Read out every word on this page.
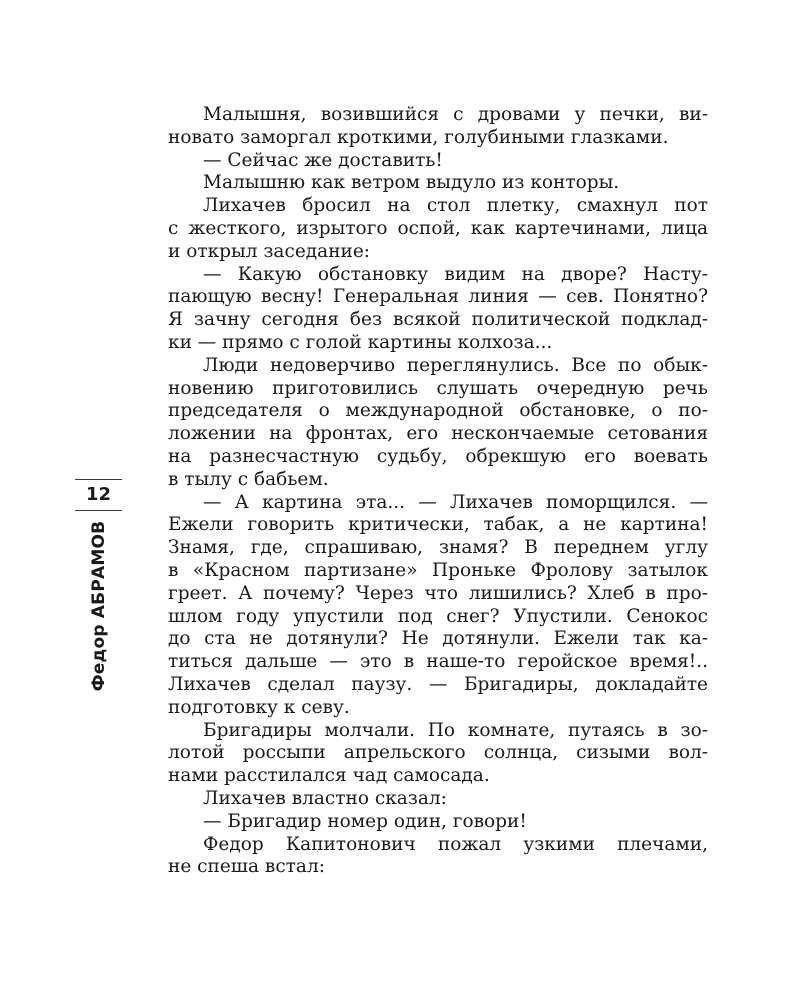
12
Федор АБРАМОВ
Малышня, возившийся с дровами у печки, ви-
новато заморгал кроткими, голубиными глазками.
— Сейчас же доставить!
Малышню как ветром выдуло из конторы.
Лихачев бросил на стол плетку, смахнул пот
с жесткого, изрытого оспой, как картечинами, лица
и открыл заседание:
— Какую обстановку видим на дворе? Насту-
пающую весну! Генеральная линия — сев. Понятно?
Я зачну сегодня без всякой политической подклад-
ки — прямо с голой картины колхоза...
Люди недоверчиво переглянулись. Все по обык-
новению приготовились слушать очередную речь
председателя о международной обстановке, о по-
ложении на фронтах, его нескончаемые сетования
на разнесчастную судьбу, обрекшую его воевать
в тылу с бабьем.
— А картина эта... — Лихачев поморщился. —
Ежели говорить критически, табак, а не картина!
Знамя, где, спрашиваю, знамя? В переднем углу
в «Красном партизане» Проньке Фролову затылок
греет. А почему? Через что лишились? Хлеб в про-
шлом году упустили под снег? Упустили. Сенокос
до ста не дотянули? Не дотянули. Ежели так ка-
титься дальше — это в наше-то геройское время!..
Лихачев сделал паузу. — Бригадиры, докладайте
подготовку к севу.
Бригадиры молчали. По комнате, путаясь в зо-
лотой россыпи апрельского солнца, сизыми вол-
нами расстилался чад самосада.
Лихачев властно сказал:
— Бригадир номер один, говори!
Федор Капитонович пожал узкими плечами,
не спеша встал:
